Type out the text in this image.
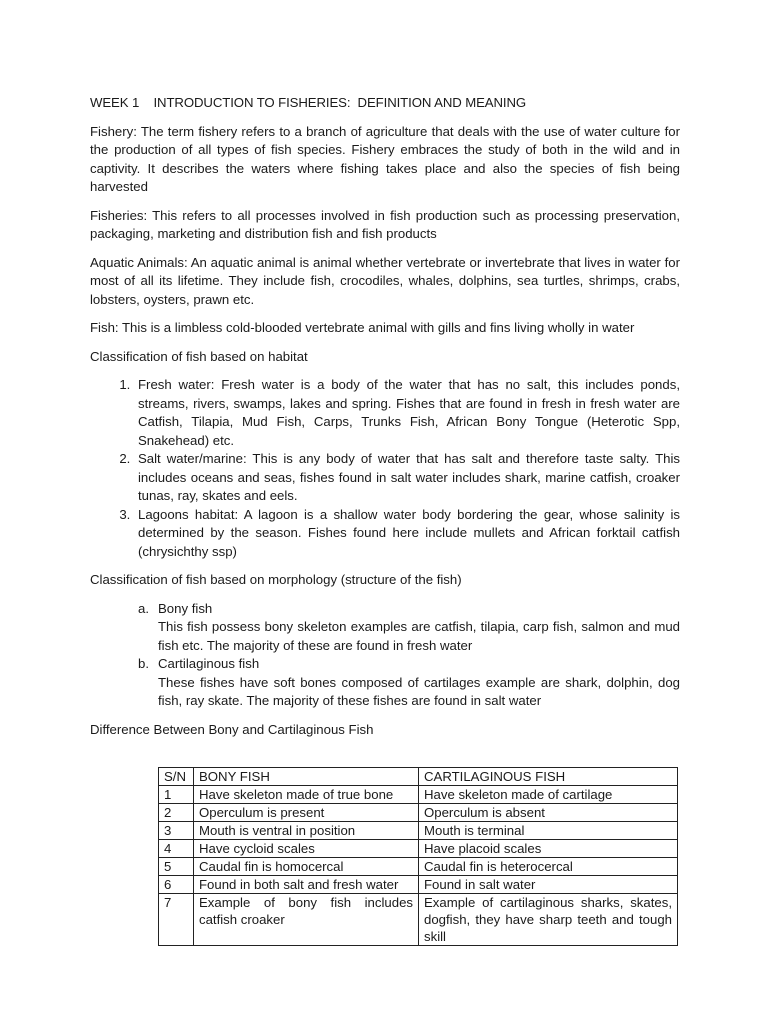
WEEK 1    INTRODUCTION TO FISHERIES:  DEFINITION AND MEANING

Fishery: The term fishery refers to a branch of agriculture that deals with the use of water culture for the production of all types of fish species. Fishery embraces the study of both in the wild and in captivity. It describes the waters where fishing takes place and also the species of fish being harvested

Fisheries: This refers to all processes involved in fish production such as processing preservation, packaging, marketing and distribution fish and fish products

Aquatic Animals: An aquatic animal is animal whether vertebrate or invertebrate that lives in water for most of all its lifetime. They include fish, crocodiles, whales, dolphins, sea turtles, shrimps, crabs, lobsters, oysters, prawn etc.

Fish: This is a limbless cold-blooded vertebrate animal with gills and fins living wholly in water

Classification of fish based on habitat

1. Fresh water: Fresh water is a body of the water that has no salt, this includes ponds, streams, rivers, swamps, lakes and spring. Fishes that are found in fresh in fresh water are Catfish, Tilapia, Mud Fish, Carps, Trunks Fish, African Bony Tongue (Heterotic Spp, Snakehead) etc.
2. Salt water/marine: This is any body of water that has salt and therefore taste salty. This includes oceans and seas, fishes found in salt water includes shark, marine catfish, croaker tunas, ray, skates and eels.
3. Lagoons habitat: A lagoon is a shallow water body bordering the gear, whose salinity is determined by the season. Fishes found here include mullets and African forktail catfish (chrysichthy ssp)

Classification of fish based on morphology (structure of the fish)

a. Bony fish
This fish possess bony skeleton examples are catfish, tilapia, carp fish, salmon and mud fish etc. The majority of these are found in fresh water
b. Cartilaginous fish
These fishes have soft bones composed of cartilages example are shark, dolphin, dog fish, ray skate. The majority of these fishes are found in salt water

Difference Between Bony and Cartilaginous Fish

S/N	BONY FISH	CARTILAGINOUS FISH
1	Have skeleton made of true bone	Have skeleton made of cartilage
2	Operculum is present	Operculum is absent
3	Mouth is ventral in position	Mouth is terminal
4	Have cycloid scales	Have placoid scales
5	Caudal fin is homocercal	Caudal fin is heterocercal
6	Found in both salt and fresh water	Found in salt water
7	Example of bony fish includes catfish croaker	Example of cartilaginous sharks, skates, dogfish, they have sharp teeth and tough skill
